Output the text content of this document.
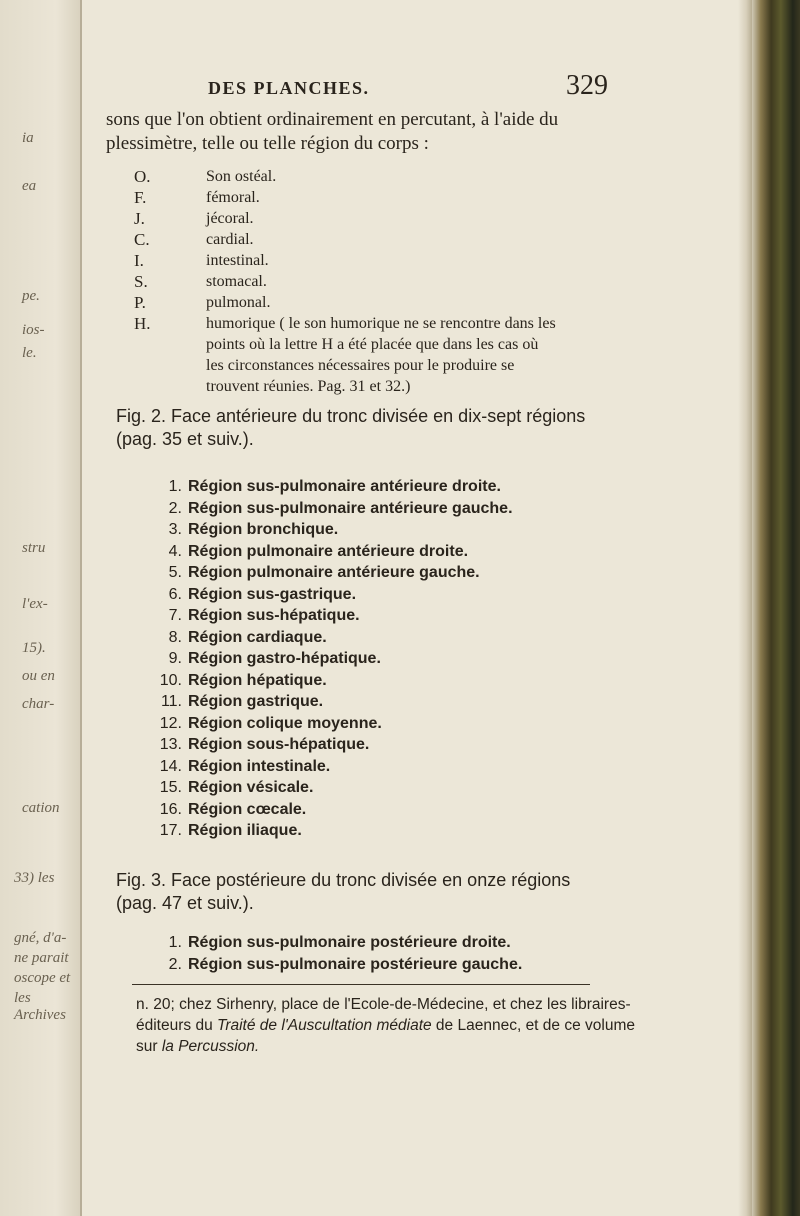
ia
ea
pe.
ios-
le.
stru
l'ex-
15).
ou en
char-
cation
33) les
gné, d'a-
ne parait
oscope et
les Archives
DES PLANCHES.	329
sons que l'on obtient ordinairement en percutant, à l'aide du
plessimètre, telle ou telle région du corps :
O.	Son ostéal.
F.	fémoral.
J.	jécoral.
C.	cardial.
I.	intestinal.
S.	stomacal.
P.	pulmonal.
H.	humorique ( le son humorique ne se rencontre dans les
points où la lettre H a été placée que dans les cas où
les circonstances nécessaires pour le produire se
trouvent réunies. Pag. 31 et 32.)
Fig. 2. Face antérieure du tronc divisée en dix-sept régions
(pag. 35 et suiv.).
1. Région sus-pulmonaire antérieure droite.
2. Région sus-pulmonaire antérieure gauche.
3. Région bronchique.
4. Région pulmonaire antérieure droite.
5. Région pulmonaire antérieure gauche.
6. Région sus-gastrique.
7. Région sus-hépatique.
8. Région cardiaque.
9. Région gastro-hépatique.
10. Région hépatique.
11. Région gastrique.
12. Région colique moyenne.
13. Région sous-hépatique.
14. Région intestinale.
15. Région vésicale.
16. Région cœcale.
17. Région iliaque.
Fig. 3. Face postérieure du tronc divisée en onze régions
(pag. 47 et suiv.).
1. Région sus-pulmonaire postérieure droite.
2. Région sus-pulmonaire postérieure gauche.
n. 20; chez Sirhenry, place de l'Ecole-de-Médecine, et chez les libraires-
éditeurs du Traité de l'Auscultation médiate de Laennec, et de ce volume
sur la Percussion.
